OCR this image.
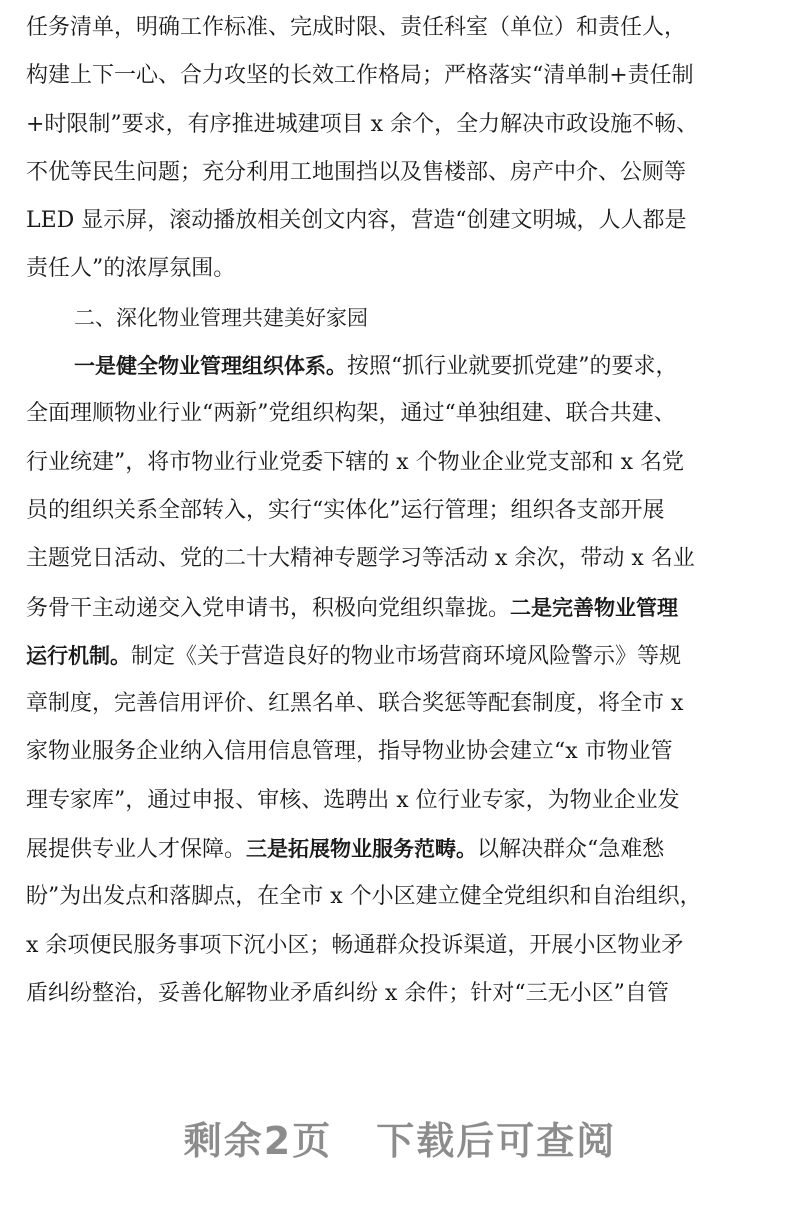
任务清单，明确工作标准、完成时限、责任科室（单位）和责任人，
构建上下一心、合力攻坚的长效工作格局；严格落实“清单制+责任制
+时限制”要求，有序推进城建项目 x 余个，全力解决市政设施不畅、
不优等民生问题；充分利用工地围挡以及售楼部、房产中介、公厕等
LED 显示屏，滚动播放相关创文内容，营造“创建文明城，人人都是
责任人”的浓厚氛围。
二、深化物业管理共建美好家园
一是健全物业管理组织体系。按照“抓行业就要抓党建”的要求，
全面理顺物业行业“两新”党组织构架，通过“单独组建、联合共建、
行业统建”，将市物业行业党委下辖的 x 个物业企业党支部和 x 名党
员的组织关系全部转入，实行“实体化”运行管理；组织各支部开展
主题党日活动、党的二十大精神专题学习等活动 x 余次，带动 x 名业
务骨干主动递交入党申请书，积极向党组织靠拢。二是完善物业管理
运行机制。制定《关于营造良好的物业市场营商环境风险警示》等规
章制度，完善信用评价、红黑名单、联合奖惩等配套制度，将全市 x
家物业服务企业纳入信用信息管理，指导物业协会建立“x 市物业管
理专家库”，通过申报、审核、选聘出 x 位行业专家，为物业企业发
展提供专业人才保障。三是拓展物业服务范畴。以解决群众“急难愁
盼”为出发点和落脚点，在全市 x 个小区建立健全党组织和自治组织，
x 余项便民服务事项下沉小区；畅通群众投诉渠道，开展小区物业矛
盾纠纷整治，妥善化解物业矛盾纠纷 x 余件；针对“三无小区”自管
剩余2页 下载后可查阅
